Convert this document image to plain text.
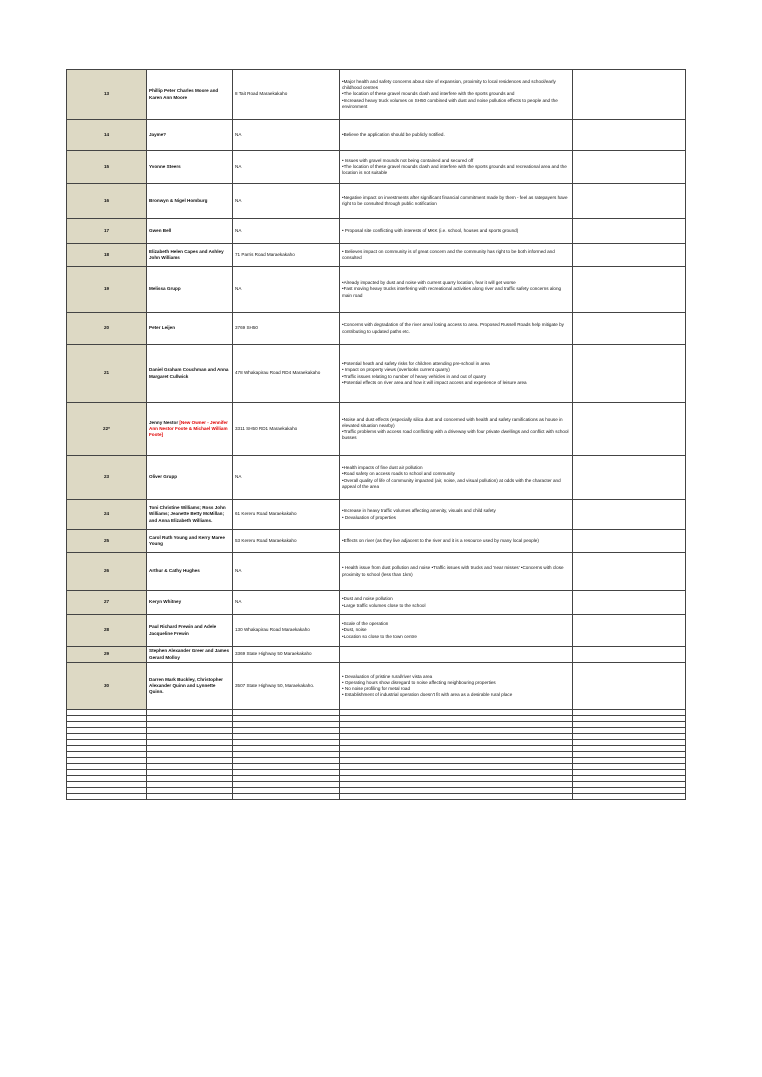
13	Phillip Peter Charles Moore and Karen Ann Moore	8 Tait Road Maraekakaho	•Major health and safety concerns about size of expansion, proximity to local residences and school/early childhood centres
•The location of these gravel mounds clash and interfere with the sports grounds and
•Increased heavy truck volumes on SH50 combined with dust and noise pollution effects to people and the environment	

14	Jayme?	NA	•Believe the application should be publicly notified.	

15	Yvonne Steers	NA	• Issues with gravel mounds not being contained and secured off
•The location of these gravel mounds clash and interfere with the sports grounds and recreational area and the location is not suitable	

16	Bronwyn & Nigel Homburg	NA	•Negative impact on investments after significant financial commitment made by them - feel as ratepayers have right to be consulted through public notification	

17	Gwen Bell	NA	• Proposal site conflicting with interests of MKK (i.e. school, houses and sports ground)	

18	Elizabeth Helen Capes and Ashley John Williams	71 Parris Road Maraekakaho	• Believes impact on community is of great concern and the community has right to be both informed and consulted	

19	Melissa Grupp	NA	•Already impacted by dust and noise with current quarry location, fear it will get worse
•Fast moving heavy trucks interfering with recreational activities along river and traffic safety concerns along main road	

20	Peter Leijen	3769 SH50	•Concerns with degradation of the river area/ losing access to area. Proposed Russell Roads help mitigate by contributing to updated paths etc.	

21	Daniel Graham Couchman and Anna Margaret Cullwick	478 Whakapirau Road RD4 Maraekakaho	•Potential heath and safety risks for children attending pre-school in area
• Impact on property views (overlooks current quarry)
•Traffic issues relating to number of heavy vehicles in and out of quarry
•Potential effects on river area and how it will impact access and experience of leisure area	

22*	Jenny Nestor [New Owner - Jennifer Ann Nestor Foote & Michael William Foote]	3311 SH50 RD1 Maraekakaho	•Noise and dust effects (especially silica dust and concerned with health and safety ramifications as house in elevated situation nearby)
•Traffic problems with access road conflicting with a driveway with four private dwellings and conflict with school busses	

23	Oliver Grupp	NA	•Health impacts of fine dust air pollution
•Road safety on access roads to school and community
•Overall quality of life of community impacted (air, noise, and visual pollution) at odds with the character and appeal of the area	

24	Toni Christine Williams; Ross John Williams; Jeanette Betty McMillan; and Anna Elizabeth Williams.	61 Kereru Road Maraekakaho	•Increase in heavy traffic volumes affecting amenity, visuals and child safety
• Devaluation of properties	

25	Carol Ruth Young and Kerry Maree Young	53 Kereru Road Maraekakaho	•Effects on river (as they live adjacent to the river and it is a resource used by many local people)	

26	Arthur & Cathy Hughes	NA	• Health issue from dust pollution and noise •Traffic issues with trucks and 'near misses' •Concerns with close proximity to school (less than 1km)	

27	Keryn Whitney	NA	•Dust and noise pollution
•Large traffic volumes close to the school	

28	Paul Richard Frewin and Adele Jacqueline Frewin	130 Whakapirau Road Maraekakaho	•Scale of the operation
•Dust, noise
•Location so close to the town centre	

29	Stephen Alexander Greer and James Gerard Molloy	3369 State Highway 50 Maraekakaho		
30	Darren Mark Buckley, Christopher Alexander Quinn and Lynnette Quinn.	3507 State Highway 50, Maraekakaho.	• Devaluation of pristine rural/river vista area
• Operating hours show disregard to noise affecting neighbouring properties
• No noise profiling for metal road
• Establishment of industrial operation doesn't fit with area as a desirable rural place	
